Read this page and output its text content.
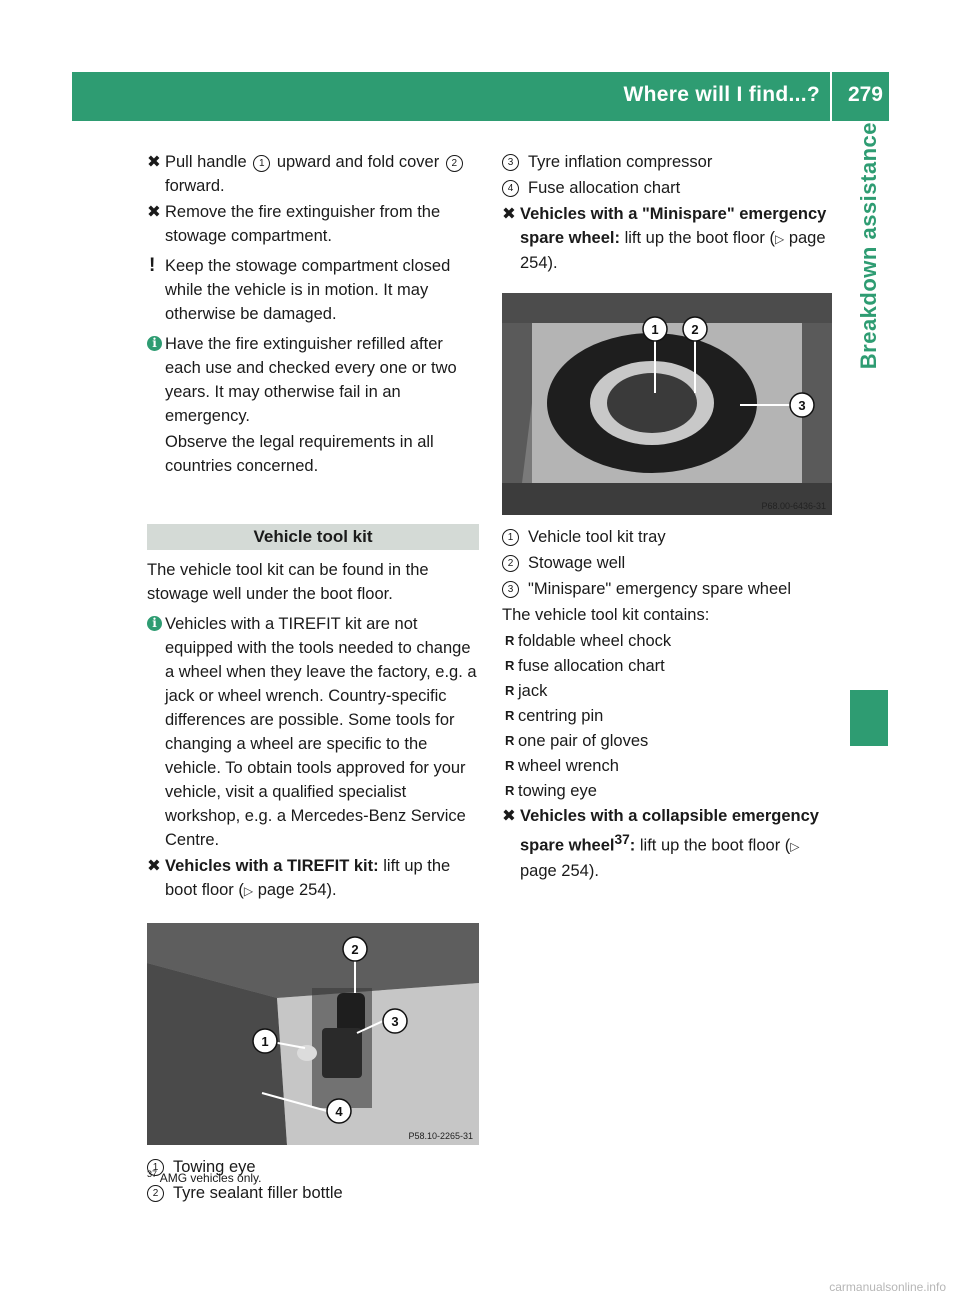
Where will I find...? 279
Breakdown assistance
✖ Pull handle 1 upward and fold cover 2 forward.
✖ Remove the fire extinguisher from the stowage compartment.
! Keep the stowage compartment closed while the vehicle is in motion. It may otherwise be damaged.
i Have the fire extinguisher refilled after each use and checked every one or two years. It may otherwise fail in an emergency.
Observe the legal requirements in all countries concerned.
Vehicle tool kit
The vehicle tool kit can be found in the stowage well under the boot floor.
i Vehicles with a TIREFIT kit are not equipped with the tools needed to change a wheel when they leave the factory, e.g. a jack or wheel wrench. Country-specific differences are possible. Some tools for changing a wheel are specific to the vehicle. To obtain tools approved for your vehicle, visit a qualified specialist workshop, e.g. a Mercedes-Benz Service Centre.
✖ Vehicles with a TIREFIT kit: lift up the boot floor (▷ page 254).
2
3
1
4
P58.10-2265-31
1 Towing eye
2 Tyre sealant filler bottle
3 Tyre inflation compressor
4 Fuse allocation chart
✖ Vehicles with a "Minispare" emergency spare wheel: lift up the boot floor (▷ page 254).
1	2
3
P68.00-6436-31
1 Vehicle tool kit tray
2 Stowage well
3 "Minispare" emergency spare wheel
The vehicle tool kit contains:
R foldable wheel chock
R fuse allocation chart
R jack
R centring pin
R one pair of gloves
R wheel wrench
R towing eye
✖ Vehicles with a collapsible emergency spare wheel$^{37}$: lift up the boot floor (▷ page 254).
$^{37}$ AMG vehicles only.
carmanualsonline.info
